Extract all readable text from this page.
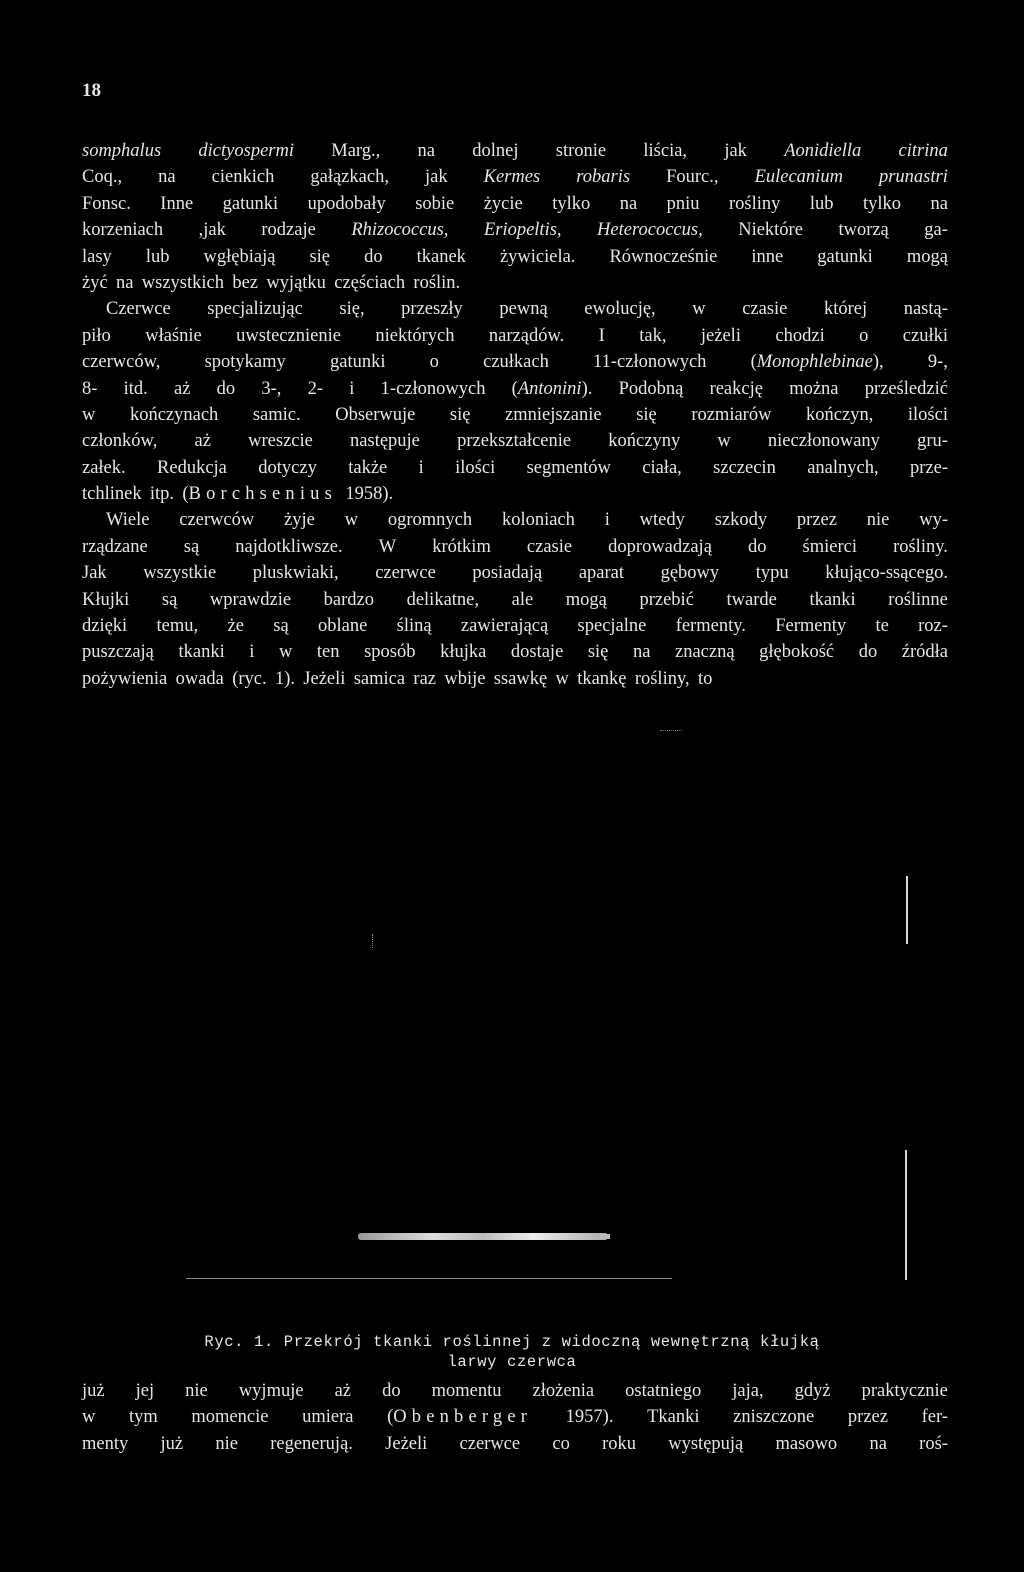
18
somphalus dictyospermi Marg., na dolnej stronie liścia, jak Aonidiella citrina
Coq., na cienkich gałązkach, jak Kermes robaris Fourc., Eulecanium prunastri
Fonsc. Inne gatunki upodobały sobie życie tylko na pniu rośliny lub tylko na
korzeniach ,jak rodzaje Rhizococcus, Eriopeltis, Heterococcus, Niektóre tworzą ga-
lasy lub wgłębiają się do tkanek żywiciela. Równocześnie inne gatunki mogą
żyć na wszystkich bez wyjątku częściach roślin.
Czerwce specjalizując się, przeszły pewną ewolucję, w czasie której nastą-
piło właśnie uwstecznienie niektórych narządów. I tak, jeżeli chodzi o czułki
czerwców, spotykamy gatunki o czułkach 11-członowych (Monophlebinae), 9-,
8- itd. aż do 3-, 2- i 1-członowych (Antonini). Podobną reakcję można prześledzić
w kończynach samic. Obserwuje się zmniejszanie się rozmiarów kończyn, ilości
członków, aż wreszcie następuje przekształcenie kończyny w nieczłonowany gru-
załek. Redukcja dotyczy także i ilości segmentów ciała, szczecin analnych, prze-
tchlinek itp. (Borchsenius 1958).
Wiele czerwców żyje w ogromnych koloniach i wtedy szkody przez nie wy-
rządzane są najdotkliwsze. W krótkim czasie doprowadzają do śmierci rośliny.
Jak wszystkie pluskwiaki, czerwce posiadają aparat gębowy typu kłująco-ssącego.
Kłujki są wprawdzie bardzo delikatne, ale mogą przebić twarde tkanki roślinne
dzięki temu, że są oblane śliną zawierającą specjalne fermenty. Fermenty te roz-
puszczają tkanki i w ten sposób kłujka dostaje się na znaczną głębokość do źródła
pożywienia owada (ryc. 1). Jeżeli samica raz wbije ssawkę w tkankę rośliny, to
Ryc. 1. Przekrój tkanki roślinnej z widoczną wewnętrzną kłujką
larwy czerwca
już jej nie wyjmuje aż do momentu złożenia ostatniego jaja, gdyż praktycznie
w tym momencie umiera (Obenberger 1957). Tkanki zniszczone przez fer-
menty już nie regenerują. Jeżeli czerwce co roku występują masowo na roś-
